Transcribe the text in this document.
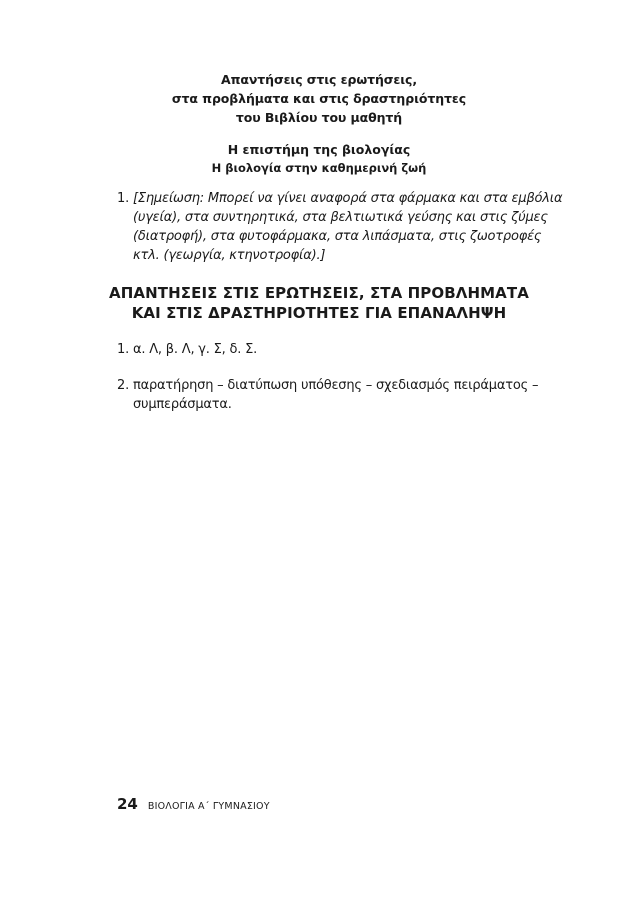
Απαντήσεις στις ερωτήσεις,
στα προβλήματα και στις δραστηριότητες
του Βιβλίου του μαθητή
Η επιστήμη της βιολογίας
Η βιολογία στην καθημερινή ζωή
1. [Σημείωση: Μπορεί να γίνει αναφορά στα φάρμακα και στα εμβόλια (υγεία), στα συντηρητικά, στα βελτιωτικά γεύσης και στις ζύμες (διατροφή), στα φυτοφάρμακα, στα λιπάσματα, στις ζωοτροφές κτλ. (γεωργία, κτηνοτροφία).]
ΑΠΑΝΤΗΣΕΙΣ ΣΤΙΣ ΕΡΩΤΗΣΕΙΣ, ΣΤΑ ΠΡΟΒΛΗΜΑΤΑ
ΚΑΙ ΣΤΙΣ ΔΡΑΣΤΗΡΙΟΤΗΤΕΣ ΓΙΑ ΕΠΑΝΑΛΗΨΗ
1. α. Λ, β. Λ, γ. Σ, δ. Σ.
2. παρατήρηση – διατύπωση υπόθεσης – σχεδιασμός πειράματος – συμπεράσματα.
24 ΒΙΟΛΟΓΙΑ Α΄ ΓΥΜΝΑΣΙΟΥ
